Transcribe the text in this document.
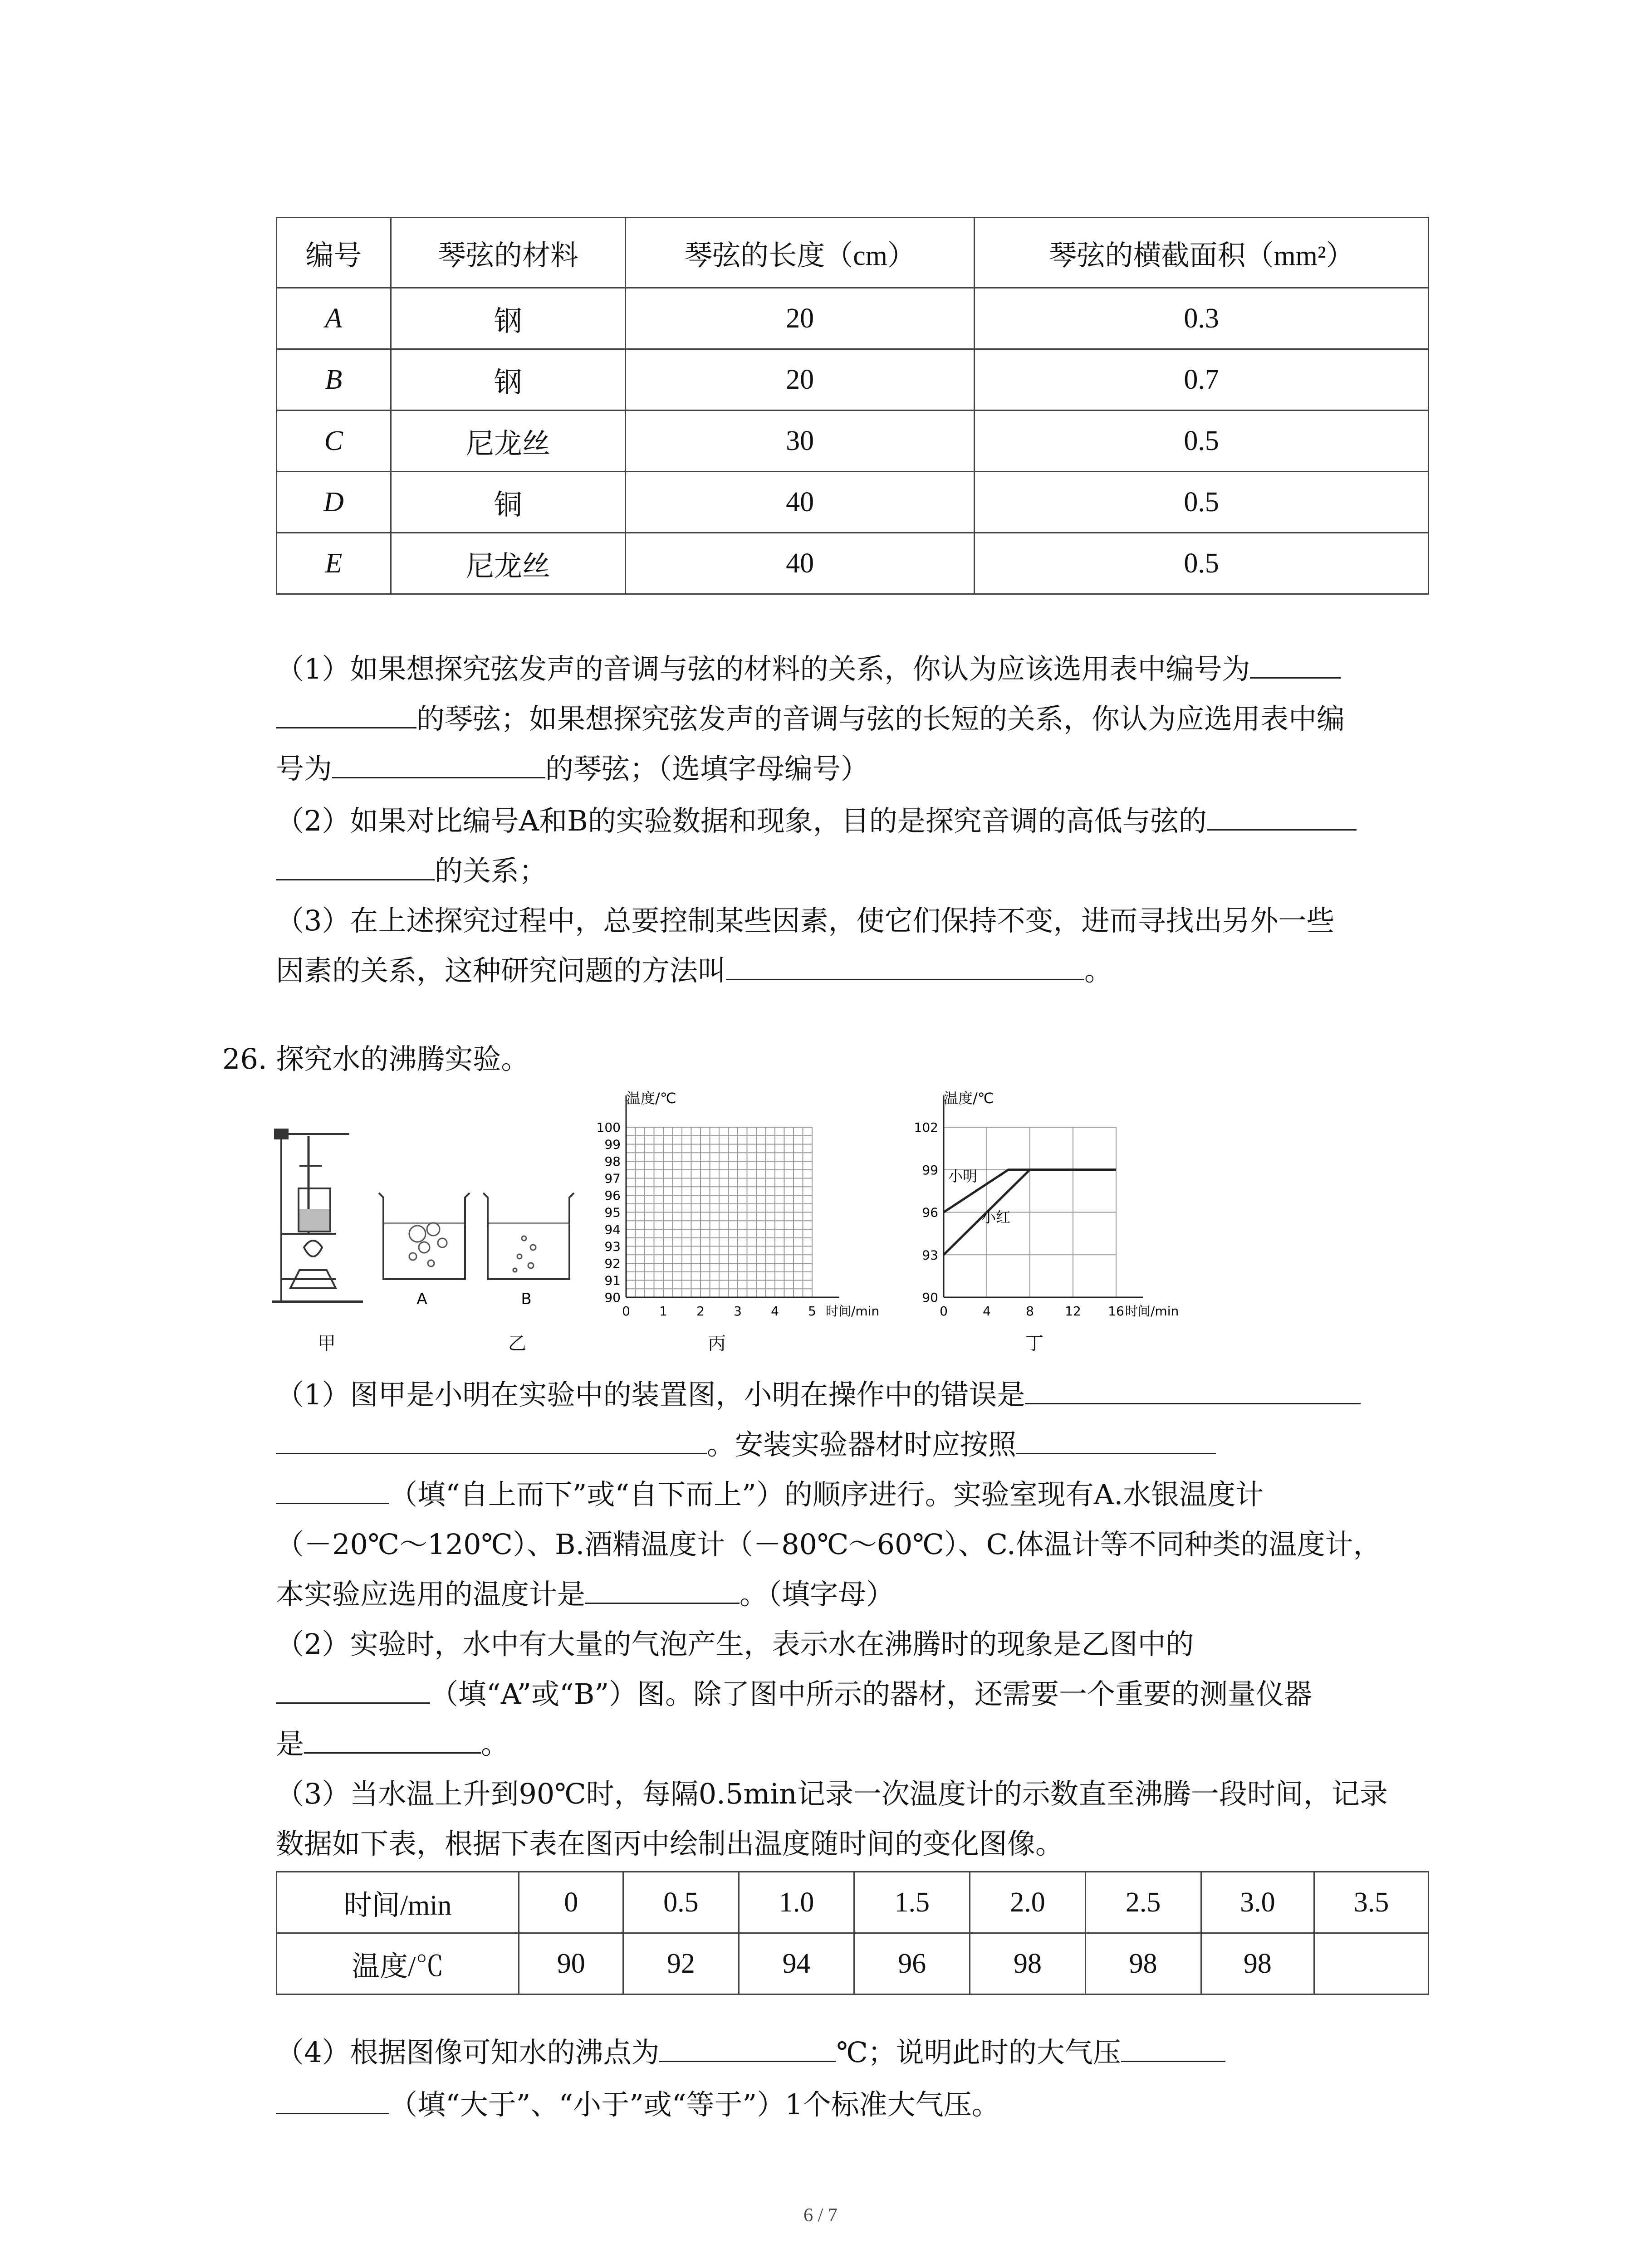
编号	琴弦的材料	琴弦的长度（cm）	琴弦的横截面积（mm²）
A	钢	20	0.3
B	钢	20	0.7
C	尼龙丝	30	0.5
D	铜	40	0.5
E	尼龙丝	40	0.5
（1）如果想探究弦发声的音调与弦的材料的关系，你认为应该选用表中编号为
的琴弦；如果想探究弦发声的音调与弦的长短的关系，你认为应选用表中编
号为	的琴弦；（选填字母编号）
（2）如果对比编号A和B的实验数据和现象，目的是探究音调的高低与弦的
的关系；
（3）在上述探究过程中，总要控制某些因素，使它们保持不变，进而寻找出另外一些
因素的关系，这种研究问题的方法叫	。
26. 探究水的沸腾实验。
A	B
0 1 2 3 4 5
90
91
92
93
94
95
96
97
98
99
100
温度/℃
时间/min	0	4	8 12 16
90
93
96
99
102
小明
小红
温度/℃
时间/min
甲	乙	丙	丁
（1）图甲是小明在实验中的装置图，小明在操作中的错误是
。安装实验器材时应按照
（填“自上而下”或“自下而上”）的顺序进行。实验室现有A.水银温度计
（－20℃～120℃）、B.酒精温度计（－80℃～60℃）、C.体温计等不同种类的温度计，
本实验应选用的温度计是	。（填字母）
（2）实验时，水中有大量的气泡产生，表示水在沸腾时的现象是乙图中的
（填“A”或“B”）图。除了图中所示的器材，还需要一个重要的测量仪器
是	。
（3）当水温上升到90℃时，每隔0.5min记录一次温度计的示数直至沸腾一段时间，记录
数据如下表，根据下表在图丙中绘制出温度随时间的变化图像。
时间/min	0	0.5	1.0	1.5	2.0	2.5	3.0	3.5
温度/℃	90	92	94	96	98	98	98	
（4）根据图像可知水的沸点为	℃；说明此时的大气压
（填“大于”、“小于”或“等于”）1个标准大气压。
6 / 7
